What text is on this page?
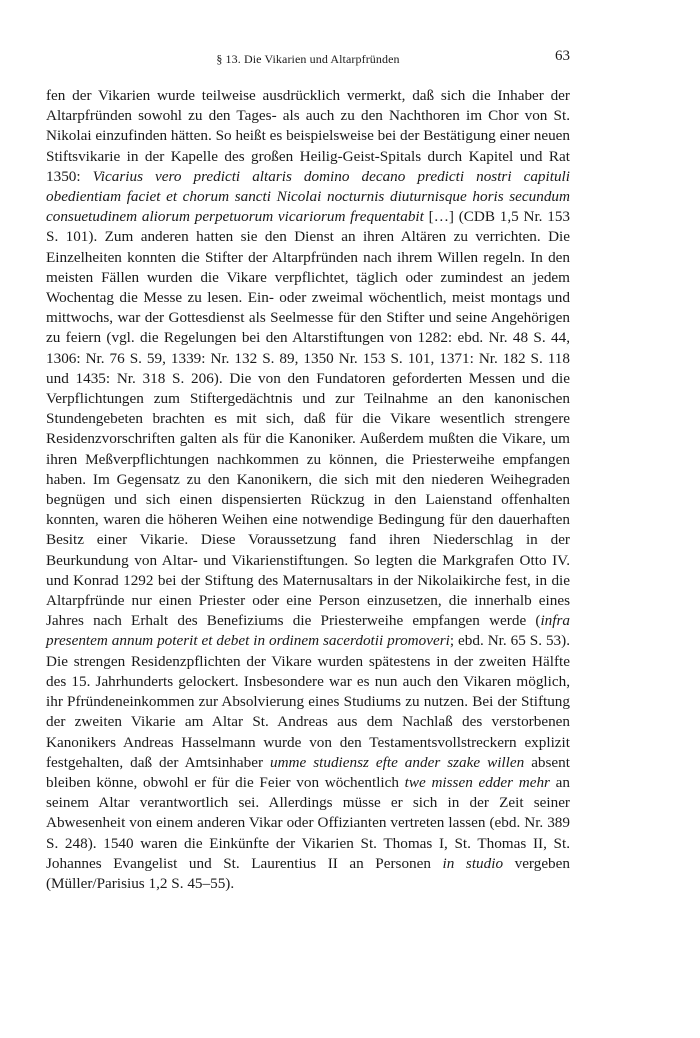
§ 13. Die Vikarien und Altarpfründen	63

fen der Vikarien wurde teilweise ausdrücklich vermerkt, daß sich die Inhaber der Altarpfründen sowohl zu den Tages- als auch zu den Nachthoren im Chor von St. Nikolai einzufinden hätten. So heißt es beispielsweise bei der Bestätigung einer neuen Stiftsvikarie in der Kapelle des großen Heilig-Geist-Spitals durch Kapitel und Rat 1350: Vicarius vero predicti altaris domino decano predicti nostri capituli obedientiam faciet et chorum sancti Nicolai nocturnis diuturnisque horis secundum consuetudinem aliorum perpetuorum vicariorum frequentabit […] (CDB 1,5 Nr. 153 S. 101). Zum anderen hatten sie den Dienst an ihren Altären zu verrichten. Die Einzelheiten konnten die Stifter der Altarpfründen nach ihrem Willen regeln. In den meisten Fällen wurden die Vikare verpflichtet, täglich oder zumindest an jedem Wochentag die Messe zu lesen. Ein- oder zweimal wöchentlich, meist montags und mittwochs, war der Gottesdienst als Seelmesse für den Stifter und seine Angehörigen zu feiern (vgl. die Regelungen bei den Altarstiftungen von 1282: ebd. Nr. 48 S. 44, 1306: Nr. 76 S. 59, 1339: Nr. 132 S. 89, 1350 Nr. 153 S. 101, 1371: Nr. 182 S. 118 und 1435: Nr. 318 S. 206). Die von den Fundatoren geforderten Messen und die Verpflichtungen zum Stiftergedächtnis und zur Teilnahme an den kanonischen Stundengebeten brachten es mit sich, daß für die Vikare wesentlich strengere Residenzvorschriften galten als für die Kanoniker. Außerdem mußten die Vikare, um ihren Meßverpflichtungen nachkommen zu können, die Priesterweihe empfangen haben. Im Gegensatz zu den Kanonikern, die sich mit den niederen Weihegraden begnügen und sich einen dispensierten Rückzug in den Laienstand offenhalten konnten, waren die höheren Weihen eine notwendige Bedingung für den dauerhaften Besitz einer Vikarie. Diese Voraussetzung fand ihren Niederschlag in der Beurkundung von Altar- und Vikarienstiftungen. So legten die Markgrafen Otto IV. und Konrad 1292 bei der Stiftung des Maternusaltars in der Nikolaikirche fest, in die Altarpfründe nur einen Priester oder eine Person einzusetzen, die innerhalb eines Jahres nach Erhalt des Benefiziums die Priesterweihe empfangen werde (infra presentem annum poterit et debet in ordinem sacerdotii promoveri; ebd. Nr. 65 S. 53). Die strengen Residenzpflichten der Vikare wurden spätestens in der zweiten Hälfte des 15. Jahrhunderts gelockert. Insbesondere war es nun auch den Vikaren möglich, ihr Pfründeneinkommen zur Absolvierung eines Studiums zu nutzen. Bei der Stiftung der zweiten Vikarie am Altar St. Andreas aus dem Nachlaß des verstorbenen Kanonikers Andreas Hasselmann wurde von den Testamentsvollstreckern explizit festgehalten, daß der Amtsinhaber umme studiensz efte ander szake willen absent bleiben könne, obwohl er für die Feier von wöchentlich twe missen edder mehr an seinem Altar verantwortlich sei. Allerdings müsse er sich in der Zeit seiner Abwesenheit von einem anderen Vikar oder Offizianten vertreten lassen (ebd. Nr. 389 S. 248). 1540 waren die Einkünfte der Vikarien St. Thomas I, St. Thomas II, St. Johannes Evangelist und St. Laurentius II an Personen in studio vergeben (Müller/Parisius 1,2 S. 45–55).
